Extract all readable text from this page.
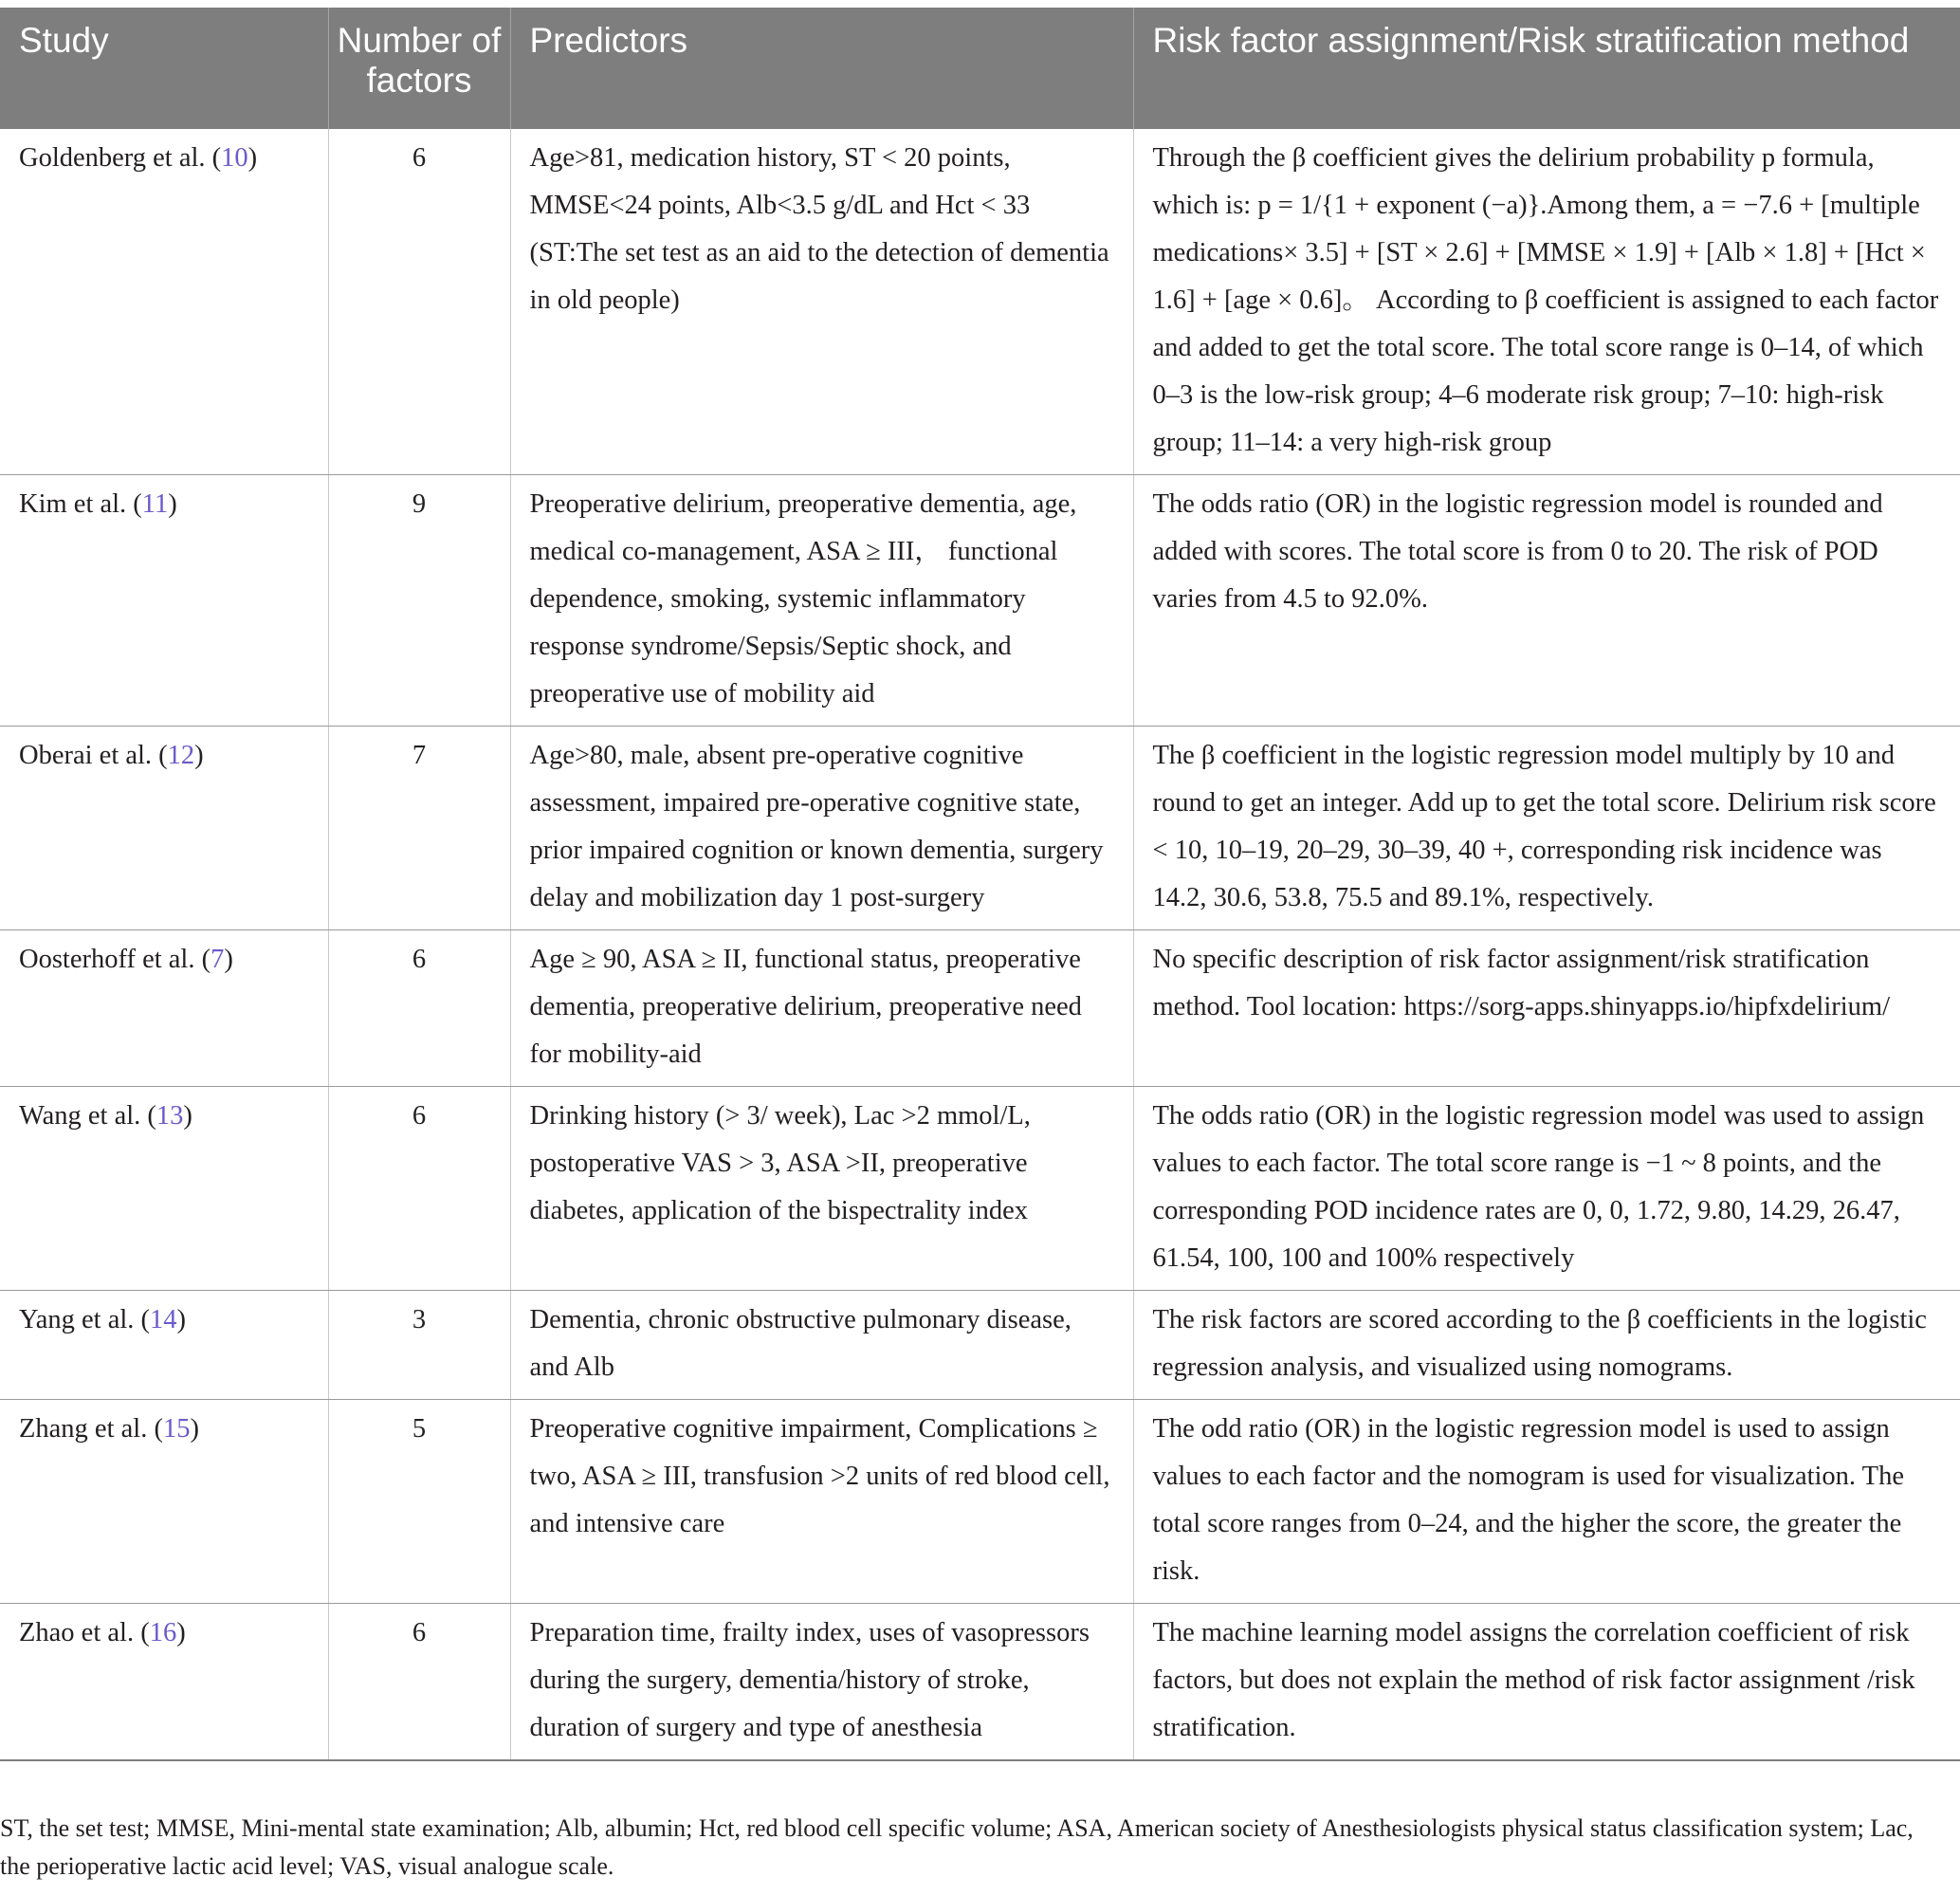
Study	Number of factors	Predictors	Risk factor assignment/Risk stratification method
Goldenberg et al. (10)	6	Age>81, medication history, ST < 20 points, MMSE<24 points, Alb<3.5 g/dL and Hct < 33 (ST:The set test as an aid to the detection of dementia in old people)	Through the β coefficient gives the delirium probability p formula, which is: p = 1/{1 + exponent (−a)}.Among them, a = −7.6 + [multiple medications× 3.5] + [ST × 2.6] + [MMSE × 1.9] + [Alb × 1.8] + [Hct × 1.6] + [age × 0.6]。 According to β coefficient is assigned to each factor and added to get the total score. The total score range is 0–14, of which 0–3 is the low-risk group; 4–6 moderate risk group; 7–10: high-risk group; 11–14: a very high-risk group
Kim et al. (11)	9	Preoperative delirium, preoperative dementia, age, medical co-management, ASA ≥ III， functional dependence, smoking, systemic inflammatory response syndrome/Sepsis/Septic shock, and preoperative use of mobility aid	The odds ratio (OR) in the logistic regression model is rounded and added with scores. The total score is from 0 to 20. The risk of POD varies from 4.5 to 92.0%.
Oberai et al. (12)	7	Age>80, male, absent pre-operative cognitive assessment, impaired pre-operative cognitive state, prior impaired cognition or known dementia, surgery delay and mobilization day 1 post-surgery	The β coefficient in the logistic regression model multiply by 10 and round to get an integer. Add up to get the total score. Delirium risk score < 10, 10–19, 20–29, 30–39, 40 +, corresponding risk incidence was 14.2, 30.6, 53.8, 75.5 and 89.1%, respectively.
Oosterhoff et al. (7)	6	Age ≥ 90, ASA ≥ II, functional status, preoperative dementia, preoperative delirium, preoperative need for mobility-aid	No specific description of risk factor assignment/risk stratification method. Tool location: https://sorg-apps.shinyapps.io/hipfxdelirium/
Wang et al. (13)	6	Drinking history (> 3/ week), Lac >2 mmol/L, postoperative VAS > 3, ASA >II, preoperative diabetes, application of the bispectrality index	The odds ratio (OR) in the logistic regression model was used to assign values to each factor. The total score range is −1 ~ 8 points, and the corresponding POD incidence rates are 0, 0, 1.72, 9.80, 14.29, 26.47, 61.54, 100, 100 and 100% respectively
Yang et al. (14)	3	Dementia, chronic obstructive pulmonary disease, and Alb	The risk factors are scored according to the β coefficients in the logistic regression analysis, and visualized using nomograms.
Zhang et al. (15)	5	Preoperative cognitive impairment, Complications ≥ two, ASA ≥ III, transfusion >2 units of red blood cell, and intensive care	The odd ratio (OR) in the logistic regression model is used to assign values to each factor and the nomogram is used for visualization. The total score ranges from 0–24, and the higher the score, the greater the risk.
Zhao et al. (16)	6	Preparation time, frailty index, uses of vasopressors during the surgery, dementia/history of stroke, duration of surgery and type of anesthesia	The machine learning model assigns the correlation coefficient of risk factors, but does not explain the method of risk factor assignment /risk stratification.
ST, the set test; MMSE, Mini-mental state examination; Alb, albumin; Hct, red blood cell specific volume; ASA, American society of Anesthesiologists physical status classification system; Lac, the perioperative lactic acid level; VAS, visual analogue scale.
